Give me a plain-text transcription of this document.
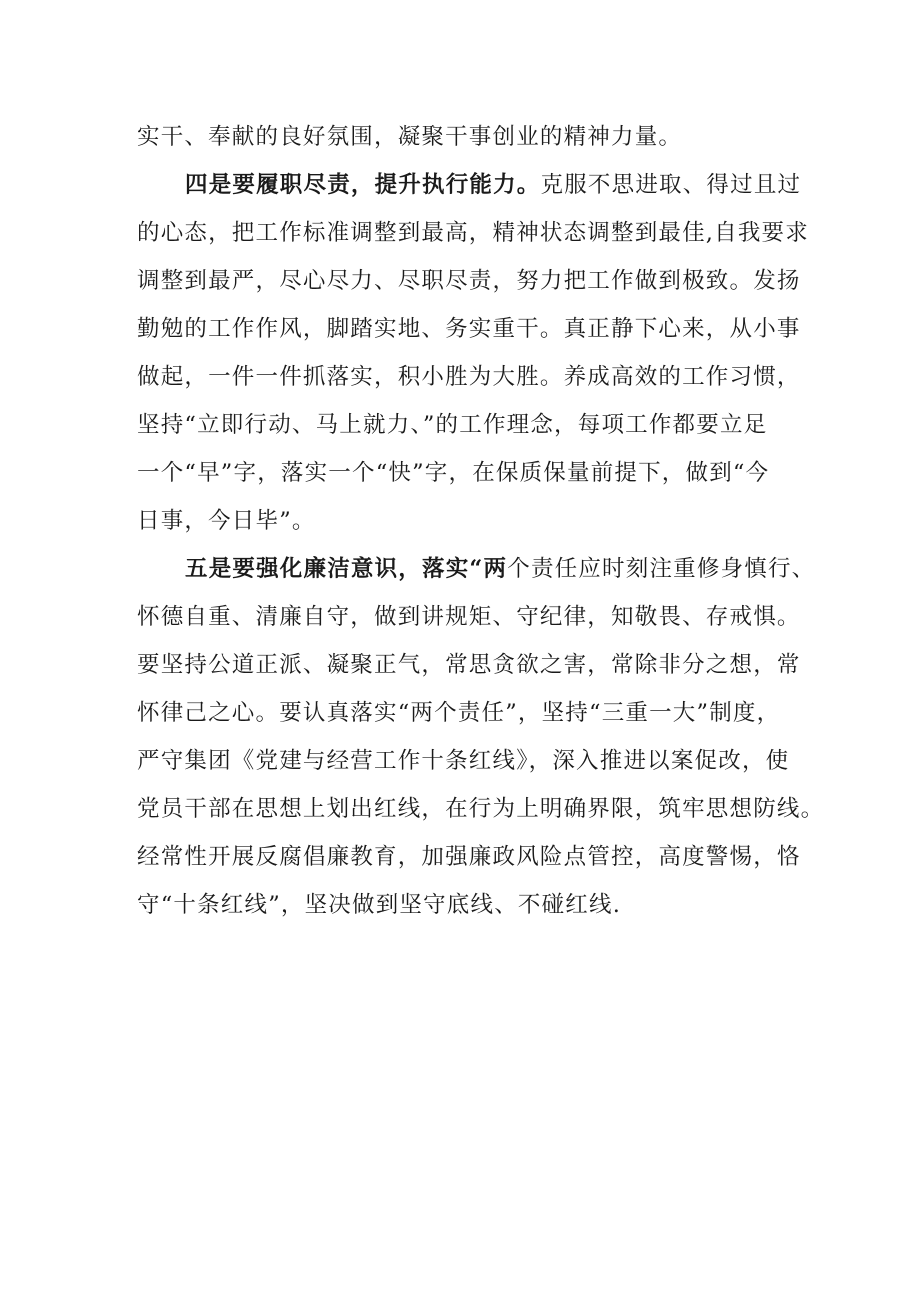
实干、奉献的良好氛围，凝聚干事创业的精神力量。
四是要履职尽责，提升执行能力。克服不思进取、得过且过
的心态，把工作标准调整到最高，精神状态调整到最佳,自我要求
调整到最严，尽心尽力、尽职尽责，努力把工作做到极致。发扬
勤勉的工作作风，脚踏实地、务实重干。真正静下心来，从小事
做起，一件一件抓落实，积小胜为大胜。养成高效的工作习惯，
坚持“立即行动、马上就力、”的工作理念，每项工作都要立足
一个“早”字，落实一个“快”字，在保质保量前提下，做到“今
日事，今日毕”。
五是要强化廉洁意识，落实“两个责任应时刻注重修身慎行、
怀德自重、清廉自守，做到讲规矩、守纪律，知敬畏、存戒惧。
要坚持公道正派、凝聚正气，常思贪欲之害，常除非分之想，常
怀律己之心。要认真落实“两个责任”，坚持“三重一大”制度，
严守集团《党建与经营工作十条红线》，深入推进以案促改，使
党员干部在思想上划出红线，在行为上明确界限，筑牢思想防线。
经常性开展反腐倡廉教育，加强廉政风险点管控，高度警惕，恪
守“十条红线”，坚决做到坚守底线、不碰红线.
